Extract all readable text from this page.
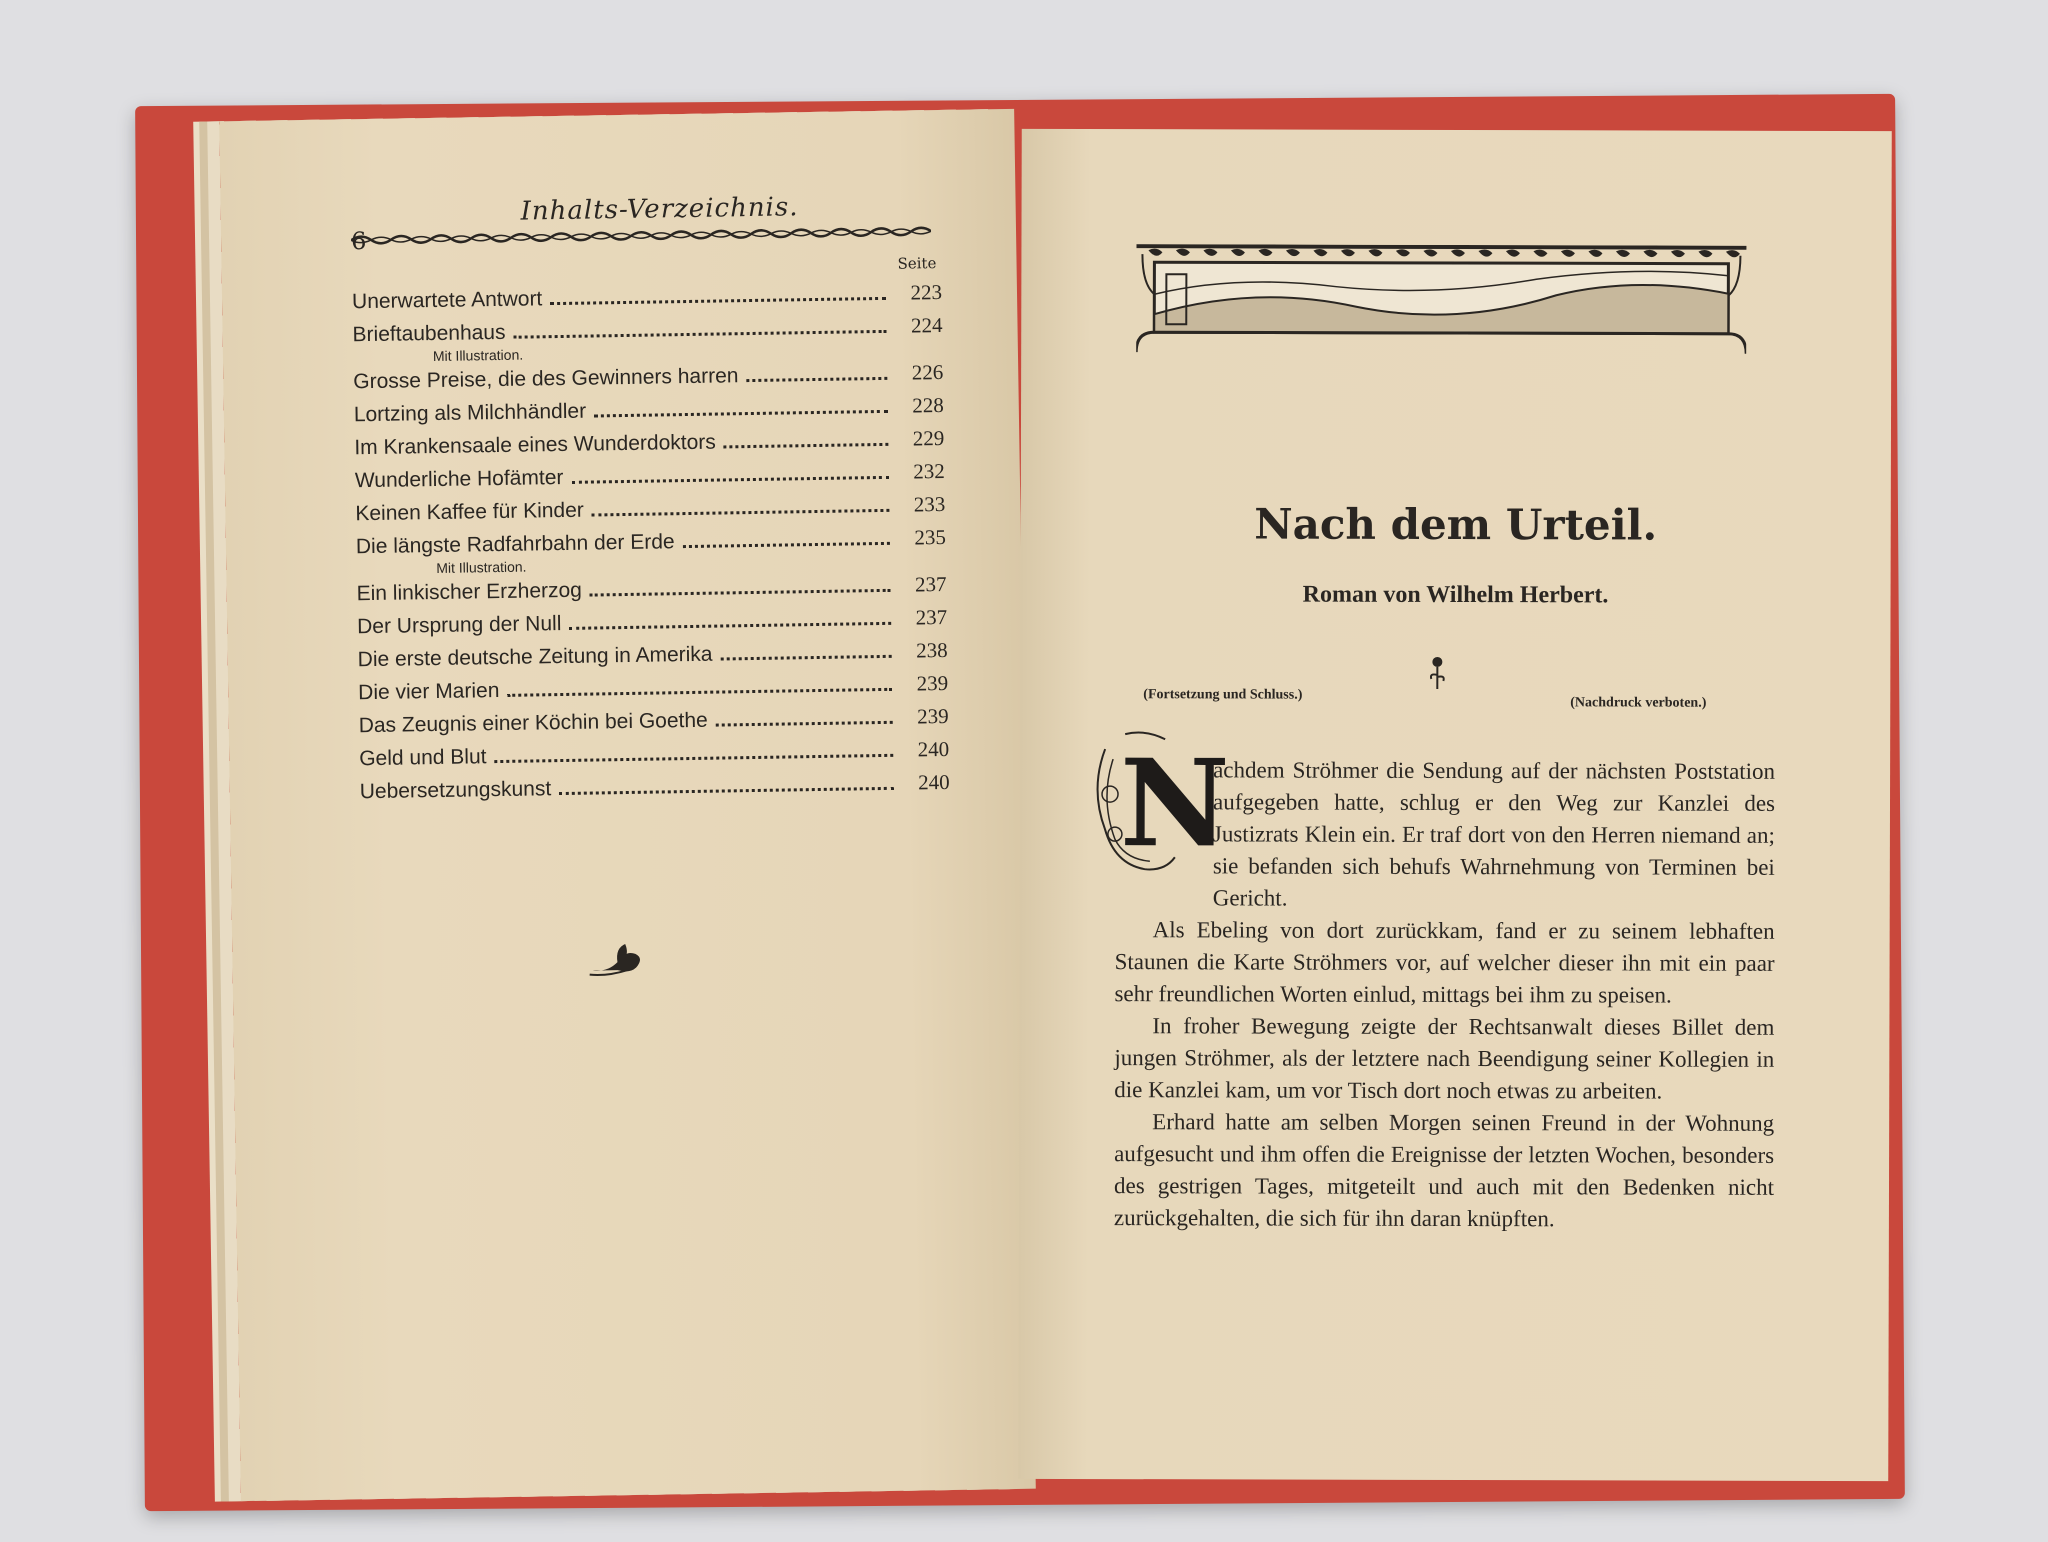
6
Inhalts-Verzeichnis.
Seite
Unerwartete Antwort	223
Brieftaubenhaus	224
Mit Illustration.
Grosse Preise, die des Gewinners harren	226
Lortzing als Milchhändler	228
Im Krankensaale eines Wunderdoktors	229
Wunderliche Hofämter	232
Keinen Kaffee für Kinder	233
Die längste Radfahrbahn der Erde	235
Mit Illustration.
Ein linkischer Erzherzog	237
Der Ursprung der Null	237
Die erste deutsche Zeitung in Amerika	238
Die vier Marien	239
Das Zeugnis einer Köchin bei Goethe	239
Geld und Blut	240
Uebersetzungskunst	240
Nach dem Urteil.
Roman von Wilhelm Herbert.
(Fortsetzung und Schluss.)
(Nachdruck verboten.)
N

achdem Ströhmer die Sendung auf der nächsten Poststation aufgegeben hatte, schlug er den Weg zur Kanzlei des Justizrats Klein ein. Er traf dort von den Herren niemand an; sie befanden sich behufs Wahrnehmung von Terminen bei Gericht.

Als Ebeling von dort zurückkam, fand er zu seinem lebhaften Staunen die Karte Ströhmers vor, auf welcher dieser ihn mit ein paar sehr freundlichen Worten einlud, mittags bei ihm zu speisen.

In froher Bewegung zeigte der Rechtsanwalt dieses Billet dem jungen Ströhmer, als der letztere nach Beendigung seiner Kollegien in die Kanzlei kam, um vor Tisch dort noch etwas zu arbeiten.

Erhard hatte am selben Morgen seinen Freund in der Wohnung aufgesucht und ihm offen die Ereignisse der letzten Wochen, besonders des gestrigen Tages, mitgeteilt und auch mit den Bedenken nicht zurückgehalten, die sich für ihn daran knüpften.
